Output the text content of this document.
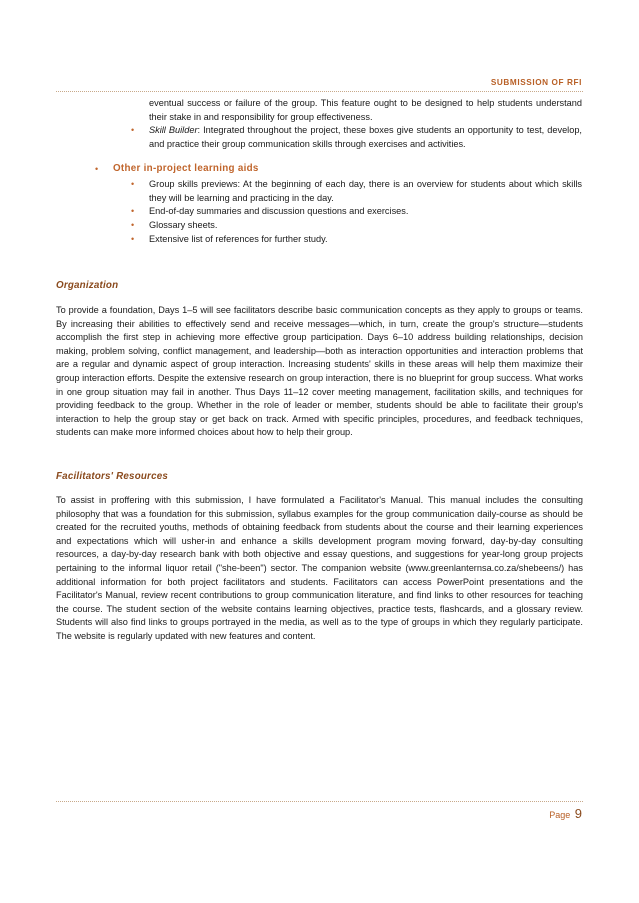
SUBMISSION OF RFI

eventual success or failure of the group. This feature ought to be designed to help students understand their stake in and responsibility for group effectiveness.

• Skill Builder: Integrated throughout the project, these boxes give students an opportunity to test, develop, and practice their group communication skills through exercises and activities.

• Other in-project learning aids
• Group skills previews: At the beginning of each day, there is an overview for students about which skills they will be learning and practicing in the day.

• End-of-day summaries and discussion questions and exercises.

• Glossary sheets.

• Extensive list of references for further study.

Organization

To provide a foundation, Days 1–5 will see facilitators describe basic communication concepts as they apply to groups or teams. By increasing their abilities to effectively send and receive messages—which, in turn, create the group's structure—students accomplish the first step in achieving more effective group participation. Days 6–10 address building relationships, decision making, problem solving, conflict management, and leadership—both as interaction opportunities and interaction problems that are a regular and dynamic aspect of group interaction. Increasing students' skills in these areas will help them maximize their group interaction efforts. Despite the extensive research on group interaction, there is no blueprint for group success. What works in one group situation may fail in another. Thus Days 11–12 cover meeting management, facilitation skills, and techniques for providing feedback to the group. Whether in the role of leader or member, students should be able to facilitate their group's interaction to help the group stay or get back on track. Armed with specific principles, procedures, and feedback techniques, students can make more informed choices about how to help their group.

Facilitators' Resources

To assist in proffering with this submission, I have formulated a Facilitator's Manual. This manual includes the consulting philosophy that was a foundation for this submission, syllabus examples for the group communication daily-course as should be created for the recruited youths, methods of obtaining feedback from students about the course and their learning experiences and expectations which will usher-in and enhance a skills development program moving forward, day-by-day consulting resources, a day-by-day research bank with both objective and essay questions, and suggestions for year-long group projects pertaining to the informal liquor retail ("she-been") sector. The companion website (www.greenlanternsa.co.za/shebeens/) has additional information for both project facilitators and students. Facilitators can access PowerPoint presentations and the Facilitator's Manual, review recent contributions to group communication literature, and find links to other resources for teaching the course. The student section of the website contains learning objectives, practice tests, flashcards, and a glossary review. Students will also find links to groups portrayed in the media, as well as to the type of groups in which they regularly participate. The website is regularly updated with new features and content.

Page 9
